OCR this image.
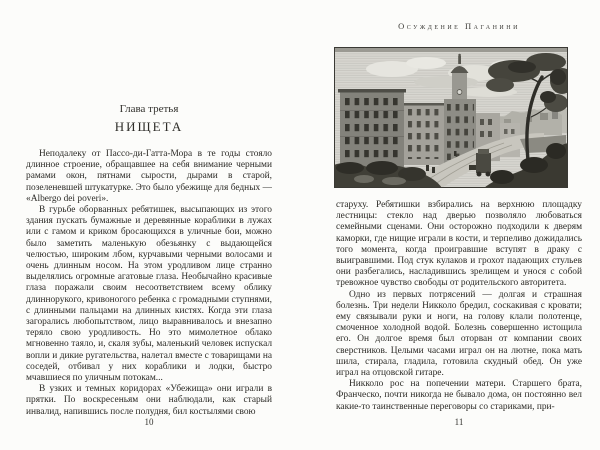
Глава третья
НИЩЕТА

Неподалеку от Пассо-ди-Гатта-Мора в те годы стояло длинное строение, обращавшее на себя внимание черными рамами окон, пятнами сырости, дырами в старой, позеленевшей штукатурке. Это было убежище для бедных — «Albergo dei poveri».

В гурьбе оборванных ребятишек, высыпающих из этого здания пускать бумажные и деревянные кораблики в лужах или с гамом и криком бросающихся в уличные бои, можно было заметить маленькую обезьянку с выдающейся челюстью, широким лбом, курчавыми черными волосами и очень длинным носом. На этом уродливом лице странно выделялись огромные агатовые глаза. Необычайно красивые глаза поражали своим несоответствием всему облику длиннорукого, кривоногого ребенка с громадными ступнями, с длинными пальцами на длинных кистях. Когда эти глаза загорались любопытством, лицо выравнивалось и внезапно теряло свою уродливость. Но это мимолетное облако мгновенно таяло, и, скаля зубы, маленький человек испускал вопли и дикие ругательства, налетал вместе с товарищами на соседей, отбивал у них кораблики и лодки, быстро мчавшиеся по уличным потокам...

В узких и темных коридорах «Убежища» они играли в прятки. По воскресеньям они наблюдали, как старый инвалид, напившись после полудня, бил костылями свою

10
Осуждение Паганини

старуху. Ребятишки взбирались на верхнюю площадку лестницы: стекло над дверью позволяло любоваться семейными сценами. Они осторожно подходили к дверям каморки, где нищие играли в кости, и терпеливо дожидались того момента, когда проигравшие вступят в драку с выигравшими. Под стук кулаков и грохот падающих стульев они разбегались, насладившись зрелищем и унося с собой тревожное чувство свободы от родительского авторитета.

Одно из первых потрясений — долгая и страшная болезнь. Три недели Никколо бредил, соскакивая с кровати; ему связывали руки и ноги, на голову клали полотенце, смоченное холодной водой. Болезнь совершенно истощила его. Он долгое время был оторван от компании своих сверстников. Целыми часами играл он на лютне, пока мать шила, стирала, гладила, готовила скудный обед. Он уже играл на отцовской гитаре.

Никколо рос на попечении матери. Старшего брата, Франческо, почти никогда не бывало дома, он постоянно вел какие-то таинственные переговоры со стариками, при-

11
